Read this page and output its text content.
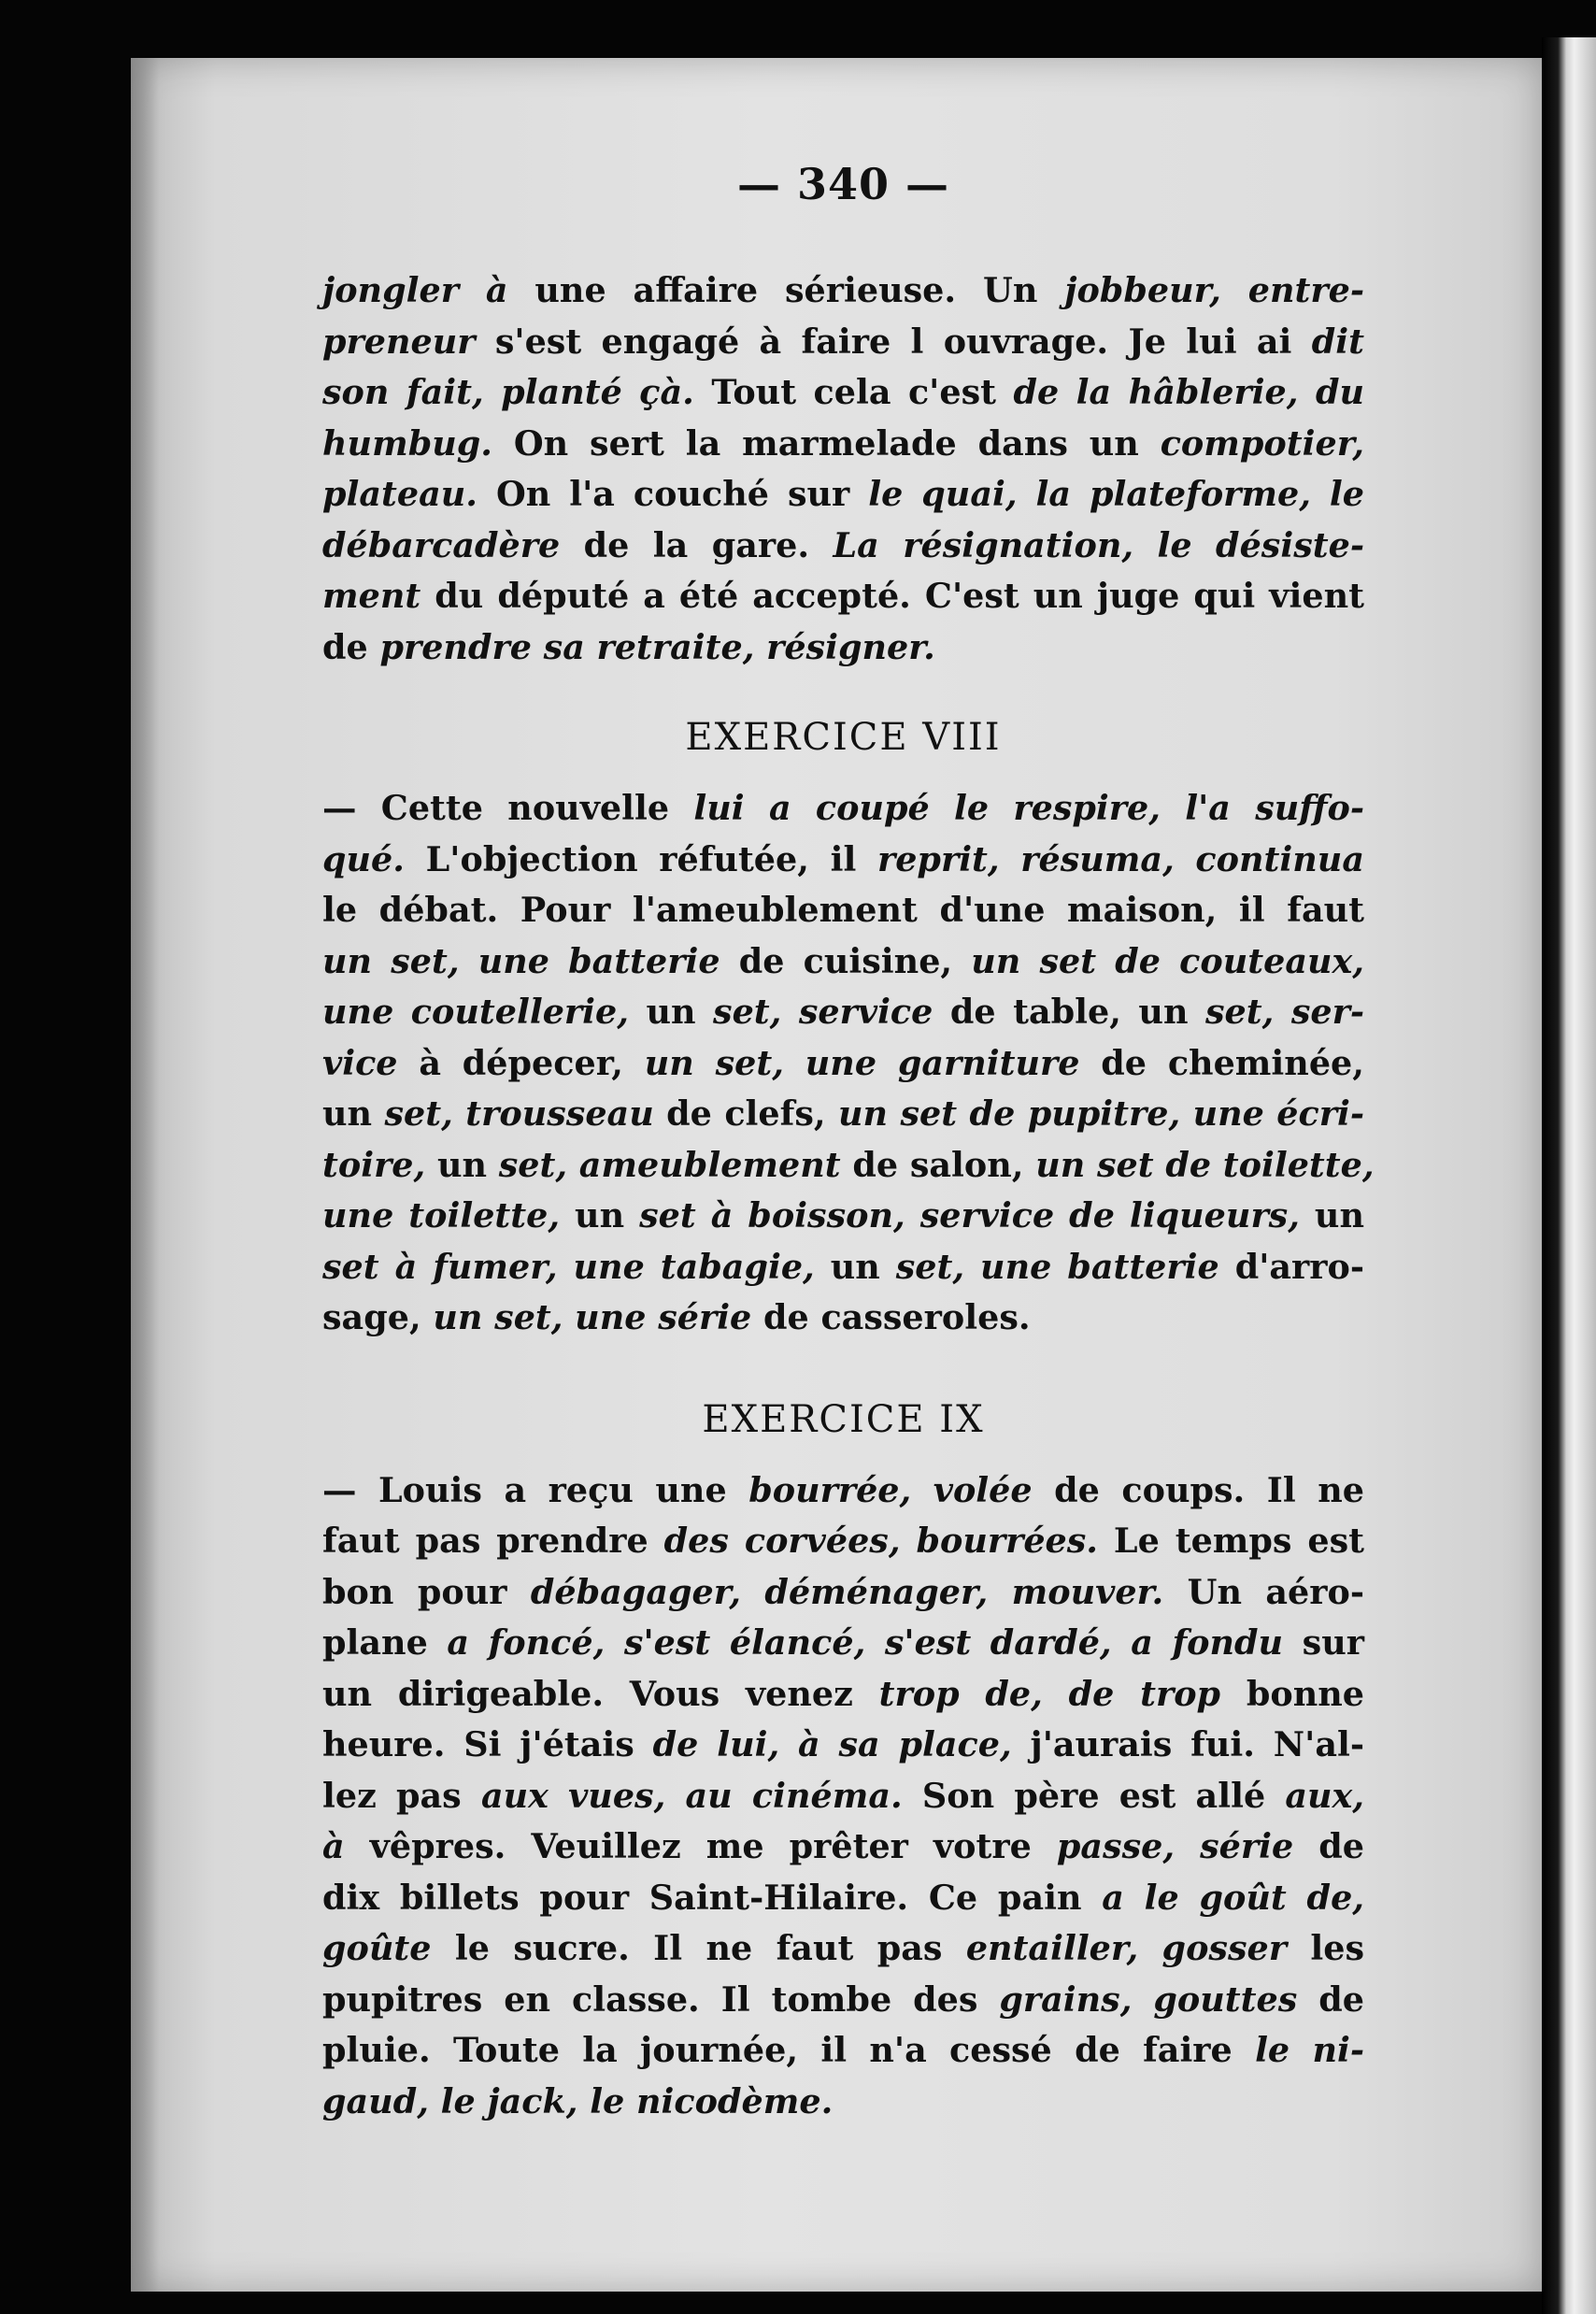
— 340 —

jongler à une affaire sérieuse. Un jobbeur, entre-
preneur s'est engagé à faire l ouvrage. Je lui ai dit
son fait, planté çà. Tout cela c'est de la hâblerie, du
humbug. On sert la marmelade dans un compotier,
plateau. On l'a couché sur le quai, la plateforme, le
débarcadère de la gare. La résignation, le désiste-
ment du député a été accepté. C'est un juge qui vient
de prendre sa retraite, résigner.

EXERCICE VIII

— Cette nouvelle lui a coupé le respire, l'a suffo-
qué. L'objection réfutée, il reprit, résuma, continua
le débat. Pour l'ameublement d'une maison, il faut
un set, une batterie de cuisine, un set de couteaux,
une coutellerie, un set, service de table, un set, ser-
vice à dépecer, un set, une garniture de cheminée,
un set, trousseau de clefs, un set de pupitre, une écri-
toire, un set, ameublement de salon, un set de toilette,
une toilette, un set à boisson, service de liqueurs, un
set à fumer, une tabagie, un set, une batterie d'arro-
sage, un set, une série de casseroles.

EXERCICE IX

— Louis a reçu une bourrée, volée de coups. Il ne
faut pas prendre des corvées, bourrées. Le temps est
bon pour débagager, déménager, mouver. Un aéro-
plane a foncé, s'est élancé, s'est dardé, a fondu sur
un dirigeable. Vous venez trop de, de trop bonne
heure. Si j'étais de lui, à sa place, j'aurais fui. N'al-
lez pas aux vues, au cinéma. Son père est allé aux,
à vêpres. Veuillez me prêter votre passe, série de
dix billets pour Saint-Hilaire. Ce pain a le goût de,
goûte le sucre. Il ne faut pas entailler, gosser les
pupitres en classe. Il tombe des grains, gouttes de
pluie. Toute la journée, il n'a cessé de faire le ni-
gaud, le jack, le nicodème.
